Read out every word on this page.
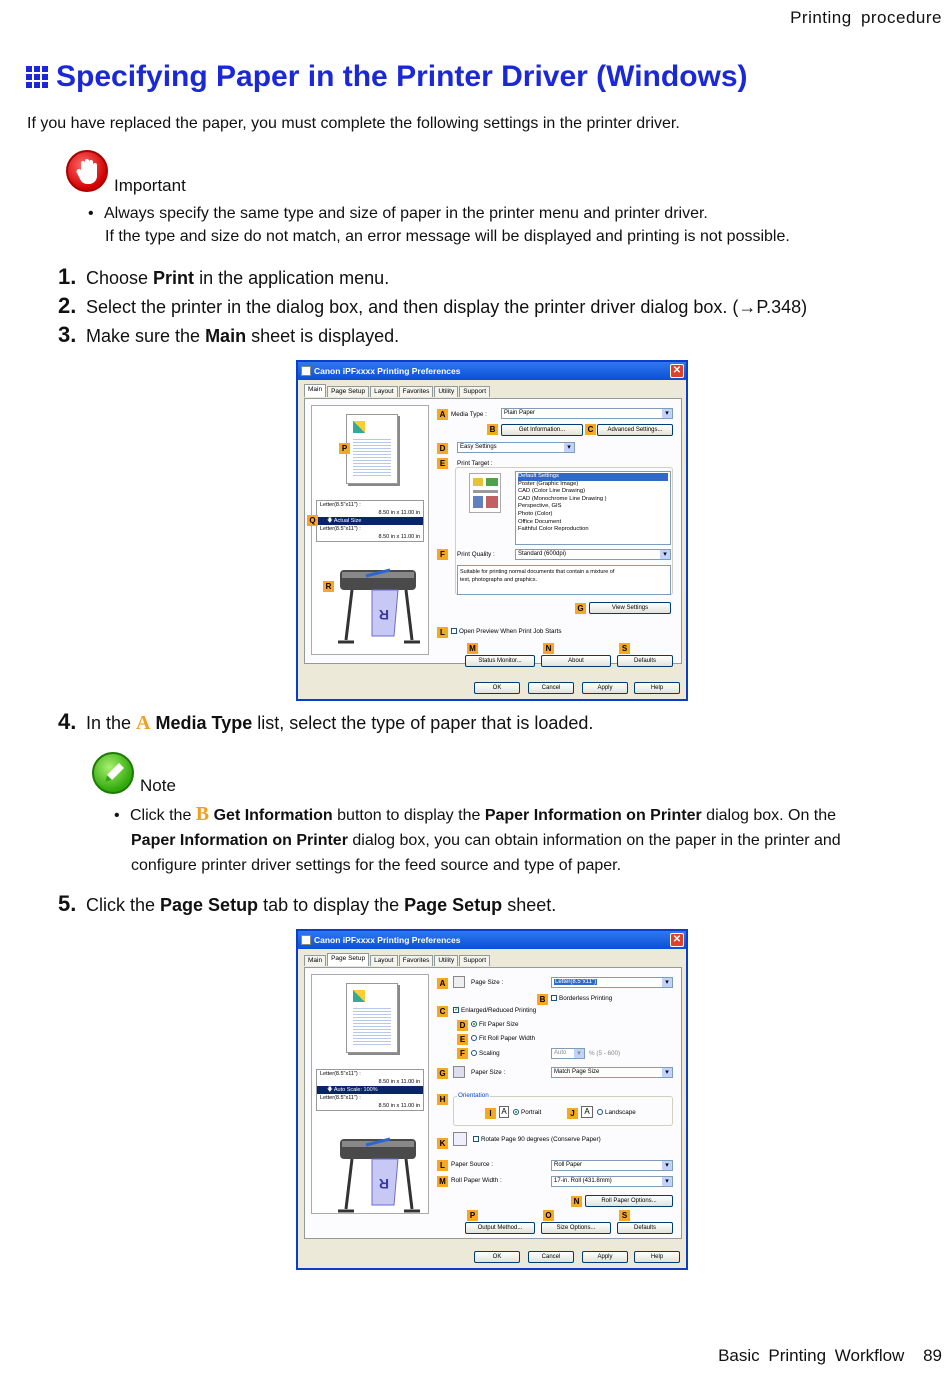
Printing procedure
Specifying Paper in the Printer Driver (Windows)
If you have replaced the paper, you must complete the following settings in the printer driver.
Important
• Always specify the same type and size of paper in the printer menu and printer driver.
If the type and size do not match, an error message will be displayed and printing is not possible.
1. Choose Print in the application menu.
2. Select the printer in the dialog box, and then display the printer driver dialog box. (→P.348)
3. Make sure the Main sheet is displayed.
Canon iPFxxxx Printing Preferences	✕
Main	Page Setup	Layout	Favorites	Utility	Support
Letter(8.5"x11") :
8.50 in x 11.00 in
🡇 Actual Size
Letter(8.5"x11") :
8.50 in x 11.00 in
R
P
Q
R
A Media Type :	Plain Paper ▾
B	Get Information...	C	Advanced Settings...
D	Easy Settings ▾
E	Print Target :
Default Settings
Poster (Graphic Image)
CAD (Color Line Drawing)
CAD (Monochrome Line Drawing )
Perspective, GIS
Photo (Color)
Office Document
Faithful Color Reproduction
F	Print Quality :	Standard (600dpi) ▾
Suitable for printing normal documents that contain a mixture of
text, photographs and graphics.
G	View Settings
L	Open Preview When Print Job Starts
M	N	S
Status Monitor...	About	Defaults
OK	Cancel	Apply	Help
4. In the A Media Type list, select the type of paper that is loaded.
Note
• Click the B Get Information button to display the Paper Information on Printer dialog box. On the
Paper Information on Printer dialog box, you can obtain information on the paper in the printer and
configure printer driver settings for the feed source and type of paper.
5. Click the Page Setup tab to display the Page Setup sheet.
Canon iPFxxxx Printing Preferences	✕
Main	Page Setup	Layout	Favorites	Utility	Support
Letter(8.5"x11") :
8.50 in x 11.00 in
🡇 Auto Scale: 100%
Letter(8.5"x11") :
8.50 in x 11.00 in
R
A	Page Size :	Letter(8.5"x11") ▾
B	Borderless Printing
C
✓	Enlarged/Reduced Printing
D	Fit Paper Size
E	Fit Roll Paper Width
F	Scaling	Auto ▾	% (5 - 600)
G	Paper Size :	Match Page Size ▾
H	Orientation
I	A	Portrait	J	A	Landscape
K	Rotate Page 90 degrees (Conserve Paper)
L Paper Source :	Roll Paper ▾
M Roll Paper Width :	17-in. Roll (431.8mm) ▾
N	Roll Paper Options...
P	O	S
Output Method...	Size Options...	Defaults
OK	Cancel	Apply	Help
Basic Printing Workflow 89
